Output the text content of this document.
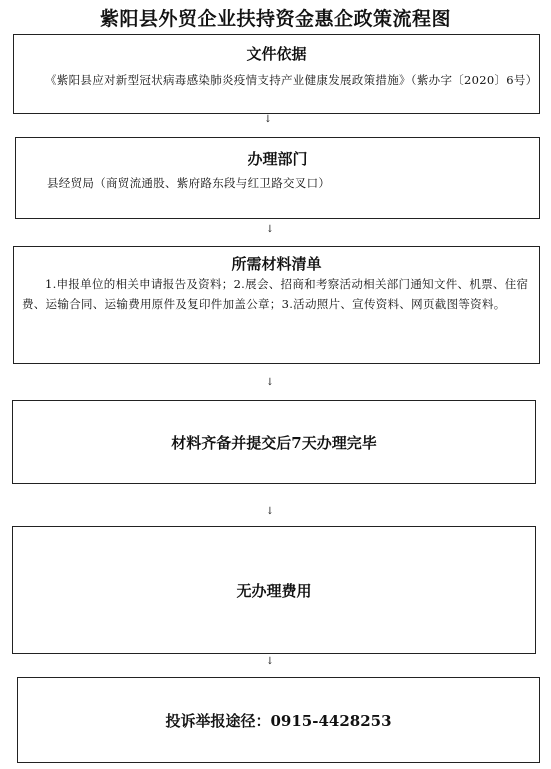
紫阳县外贸企业扶持资金惠企政策流程图
文件依据
《紫阳县应对新型冠状病毒感染肺炎疫情支持产业健康发展政策措施》（紫办字〔2020〕6号）
↓
办理部门
县经贸局（商贸流通股、紫府路东段与红卫路交叉口）
↓
所需材料清单
1.申报单位的相关申请报告及资料；2.展会、招商和考察活动相关部门通知文件、机票、住宿费、运输合同、运输费用原件及复印件加盖公章；3.活动照片、宣传资料、网页截图等资料。
↓
材料齐备并提交后7天办理完毕
↓
无办理费用
↓
投诉举报途径：0915-4428253
